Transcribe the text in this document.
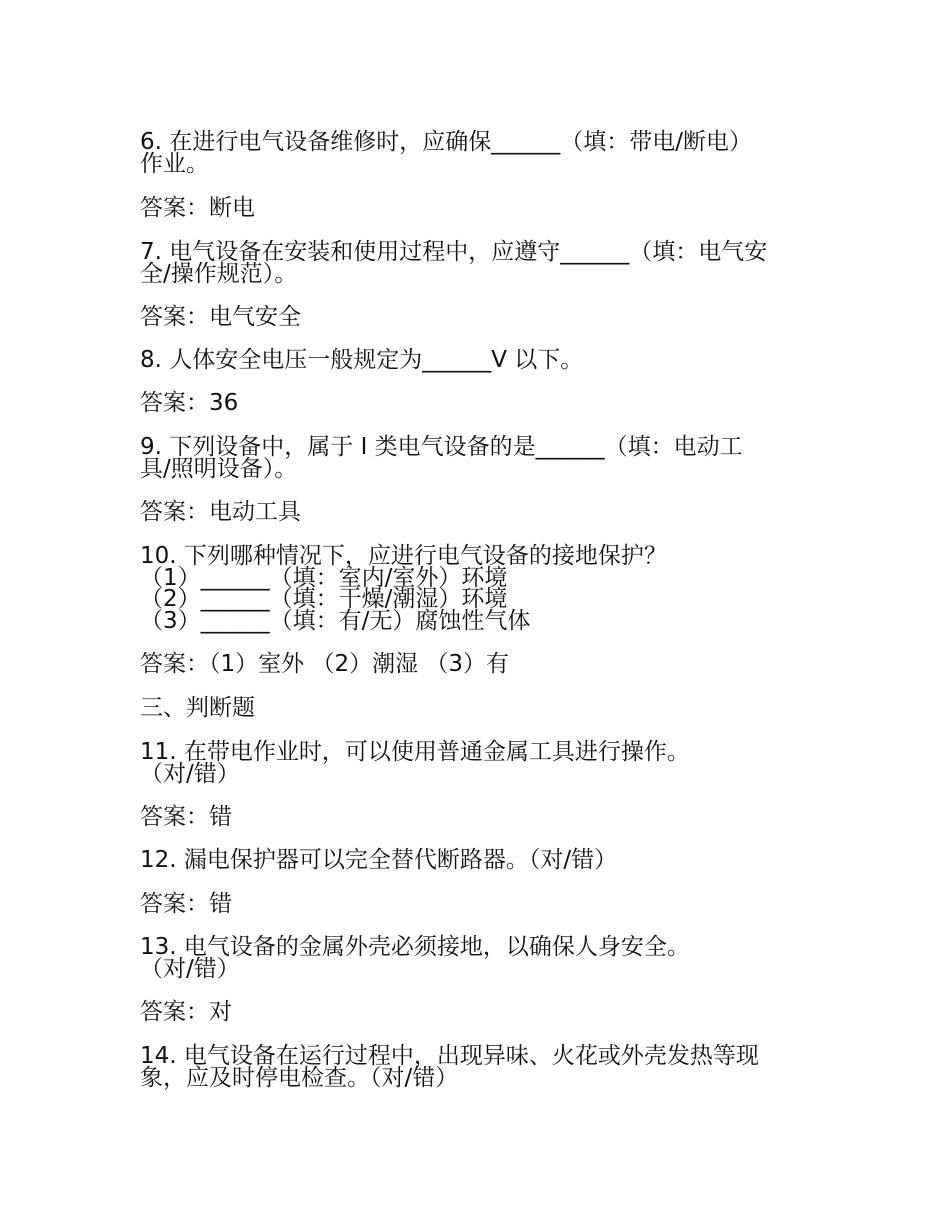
6. 在进行电气设备维修时，应确保______（填：带电/断电）
作业。
答案：断电
7. 电气设备在安装和使用过程中，应遵守______（填：电气安
全/操作规范）。
答案：电气安全
8. 人体安全电压一般规定为______V 以下。
答案：36
9. 下列设备中，属于 I 类电气设备的是______（填：电动工
具/照明设备）。
答案：电动工具
10. 下列哪种情况下，应进行电气设备的接地保护？
（1）______（填：室内/室外）环境
（2）______（填：干燥/潮湿）环境
（3）______（填：有/无）腐蚀性气体
答案：（1）室外 （2）潮湿 （3）有
三、判断题
11. 在带电作业时，可以使用普通金属工具进行操作。
（对/错）
答案：错
12. 漏电保护器可以完全替代断路器。（对/错）
答案：错
13. 电气设备的金属外壳必须接地，以确保人身安全。
（对/错）
答案：对
14. 电气设备在运行过程中，出现异味、火花或外壳发热等现
象，应及时停电检查。（对/错）
